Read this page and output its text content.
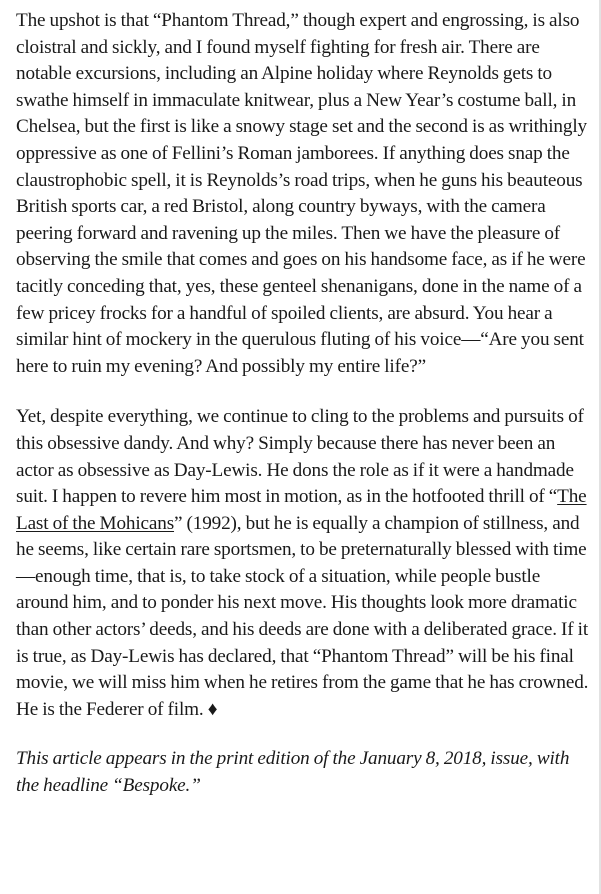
The upshot is that “Phantom Thread,” though expert and engrossing, is also cloistral and sickly, and I found myself fighting for fresh air. There are notable excursions, including an Alpine holiday where Reynolds gets to swathe himself in immaculate knitwear, plus a New Year’s costume ball, in Chelsea, but the first is like a snowy stage set and the second is as writhingly oppressive as one of Fellini’s Roman jamborees. If anything does snap the claustrophobic spell, it is Reynolds’s road trips, when he guns his beauteous British sports car, a red Bristol, along country byways, with the camera peering forward and ravening up the miles. Then we have the pleasure of observing the smile that comes and goes on his handsome face, as if he were tacitly conceding that, yes, these genteel shenanigans, done in the name of a few pricey frocks for a handful of spoiled clients, are absurd. You hear a similar hint of mockery in the querulous fluting of his voice—“Are you sent here to ruin my evening? And possibly my entire life?”

Yet, despite everything, we continue to cling to the problems and pursuits of this obsessive dandy. And why? Simply because there has never been an actor as obsessive as Day-Lewis. He dons the role as if it were a handmade suit. I happen to revere him most in motion, as in the hotfooted thrill of “The Last of the Mohicans” (1992), but he is equally a champion of stillness, and he seems, like certain rare sportsmen, to be preternaturally blessed with time—enough time, that is, to take stock of a situation, while people bustle around him, and to ponder his next move. His thoughts look more dramatic than other actors’ deeds, and his deeds are done with a deliberated grace. If it is true, as Day-Lewis has declared, that “Phantom Thread” will be his final movie, we will miss him when he retires from the game that he has crowned. He is the Federer of film. ♦

This article appears in the print edition of the January 8, 2018, issue, with the headline “Bespoke.”
